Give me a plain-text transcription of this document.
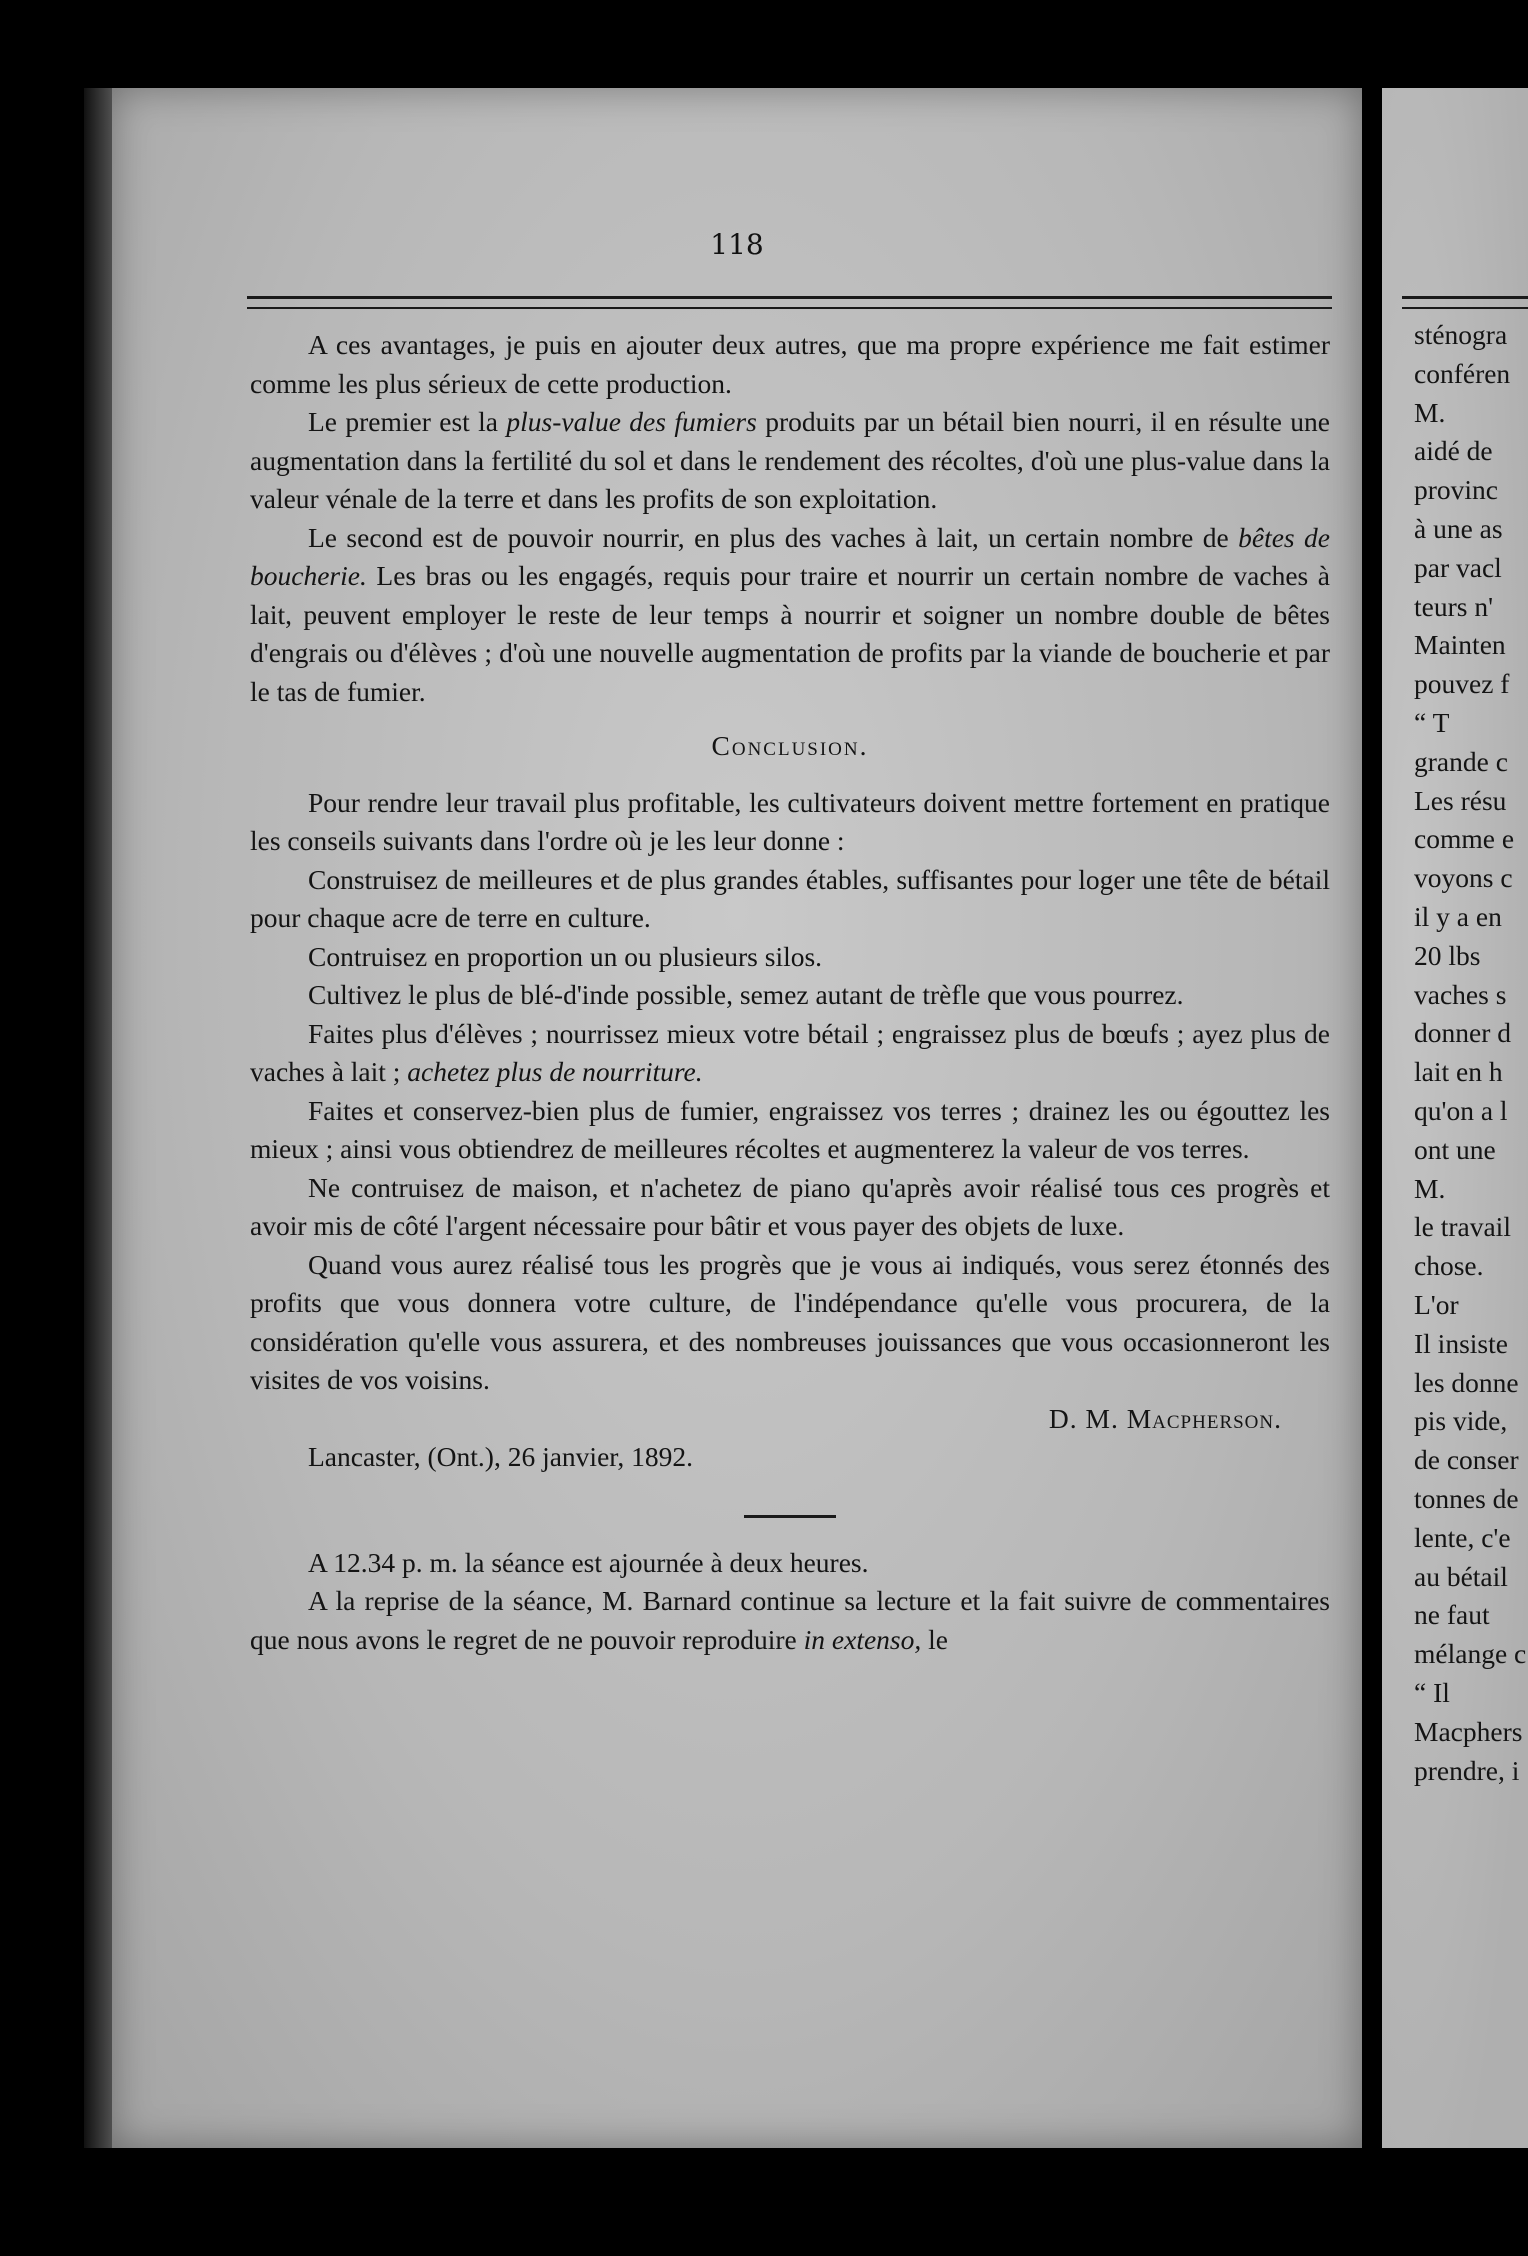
118

A ces avantages, je puis en ajouter deux autres, que ma propre expérience me fait estimer comme les plus sérieux de cette production.

Le premier est la plus-value des fumiers produits par un bétail bien nourri, il en résulte une augmentation dans la fertilité du sol et dans le rendement des récoltes, d'où une plus-value dans la valeur vénale de la terre et dans les profits de son exploitation.

Le second est de pouvoir nourrir, en plus des vaches à lait, un certain nombre de bêtes de boucherie. Les bras ou les engagés, requis pour traire et nourrir un certain nombre de vaches à lait, peuvent employer le reste de leur temps à nourrir et soigner un nombre double de bêtes d'engrais ou d'élèves ; d'où une nouvelle augmentation de profits par la viande de boucherie et par le tas de fumier.

Conclusion.

Pour rendre leur travail plus profitable, les cultivateurs doivent mettre fortement en pratique les conseils suivants dans l'ordre où je les leur donne :

Construisez de meilleures et de plus grandes étables, suffisantes pour loger une tête de bétail pour chaque acre de terre en culture.

Contruisez en proportion un ou plusieurs silos.

Cultivez le plus de blé-d'inde possible, semez autant de trèfle que vous pourrez.

Faites plus d'élèves ; nourrissez mieux votre bétail ; engraissez plus de bœufs ; ayez plus de vaches à lait ; achetez plus de nourriture.

Faites et conservez-bien plus de fumier, engraissez vos terres ; drainez les ou égouttez les mieux ; ainsi vous obtiendrez de meilleures récoltes et augmenterez la valeur de vos terres.

Ne contruisez de maison, et n'achetez de piano qu'après avoir réalisé tous ces progrès et avoir mis de côté l'argent nécessaire pour bâtir et vous payer des objets de luxe.

Quand vous aurez réalisé tous les progrès que je vous ai indiqués, vous serez étonnés des profits que vous donnera votre culture, de l'indépendance qu'elle vous procurera, de la considération qu'elle vous assurera, et des nombreuses jouissances que vous occasionneront les visites de vos voisins.

D. M. Macpherson.
Lancaster, (Ont.), 26 janvier, 1892.

A 12.34 p. m. la séance est ajournée à deux heures.

A la reprise de la séance, M. Barnard continue sa lecture et la fait suivre de commentaires que nous avons le regret de ne pouvoir reproduire in extenso, le

sténogra
conféren
M.
aidé de
provinc
à une as
par vacl
teurs n'
Mainten
pouvez f
“ T
grande c
Les résu
comme e
voyons c
il y a en
20 lbs
vaches s
donner d
lait en h
qu'on a l
ont une
M.
le travail
chose.
L'or
Il insiste
les donne
pis vide,
de conser
tonnes de
lente, c'e
au bétail
ne faut
mélange c
“ Il
Macphers
prendre, i
